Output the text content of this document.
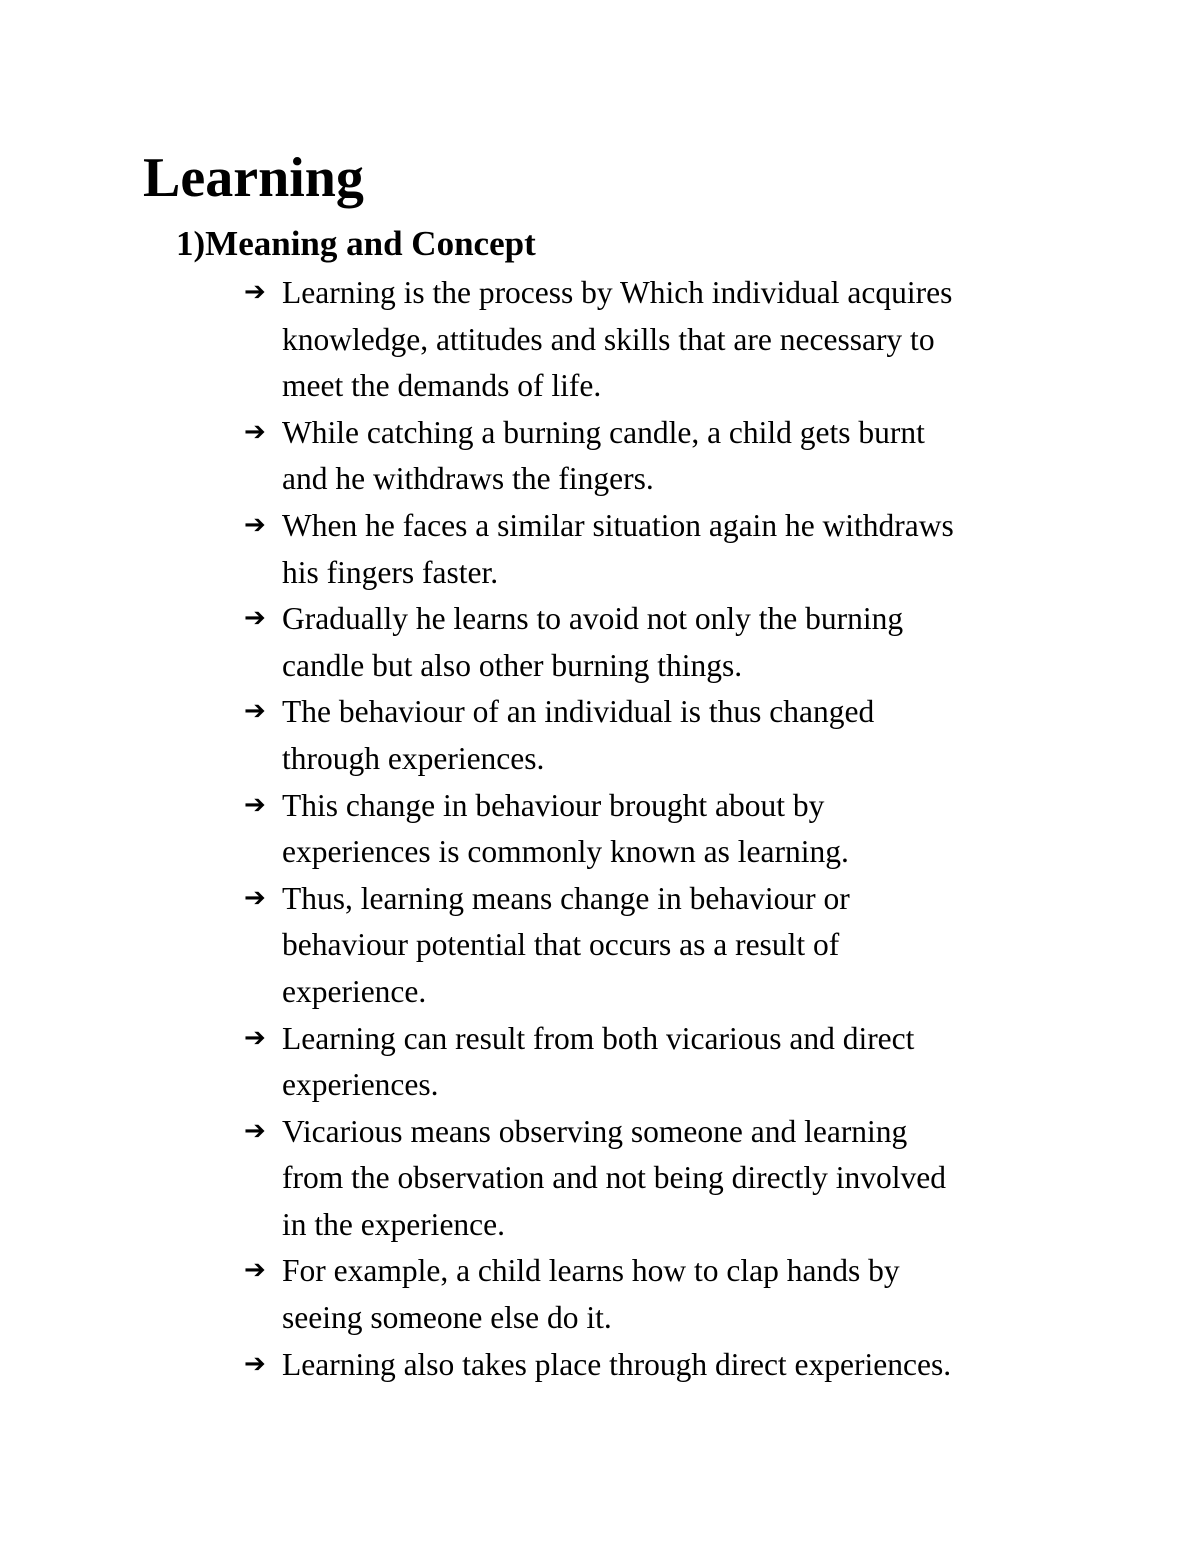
Learning
1) Meaning and Concept
➔ Learning is the process by Which individual acquires
knowledge, attitudes and skills that are necessary to
meet the demands of life.
➔ While catching a burning candle, a child gets burnt
and he withdraws the fingers.
➔ When he faces a similar situation again he withdraws
his fingers faster.
➔ Gradually he learns to avoid not only the burning
candle but also other burning things.
➔ The behaviour of an individual is thus changed
through experiences.
➔ This change in behaviour brought about by
experiences is commonly known as learning.
➔ Thus, learning means change in behaviour or
behaviour potential that occurs as a result of
experience.
➔ Learning can result from both vicarious and direct
experiences.
➔ Vicarious means observing someone and learning
from the observation and not being directly involved
in the experience.
➔ For example, a child learns how to clap hands by
seeing someone else do it.
➔ Learning also takes place through direct experiences.
